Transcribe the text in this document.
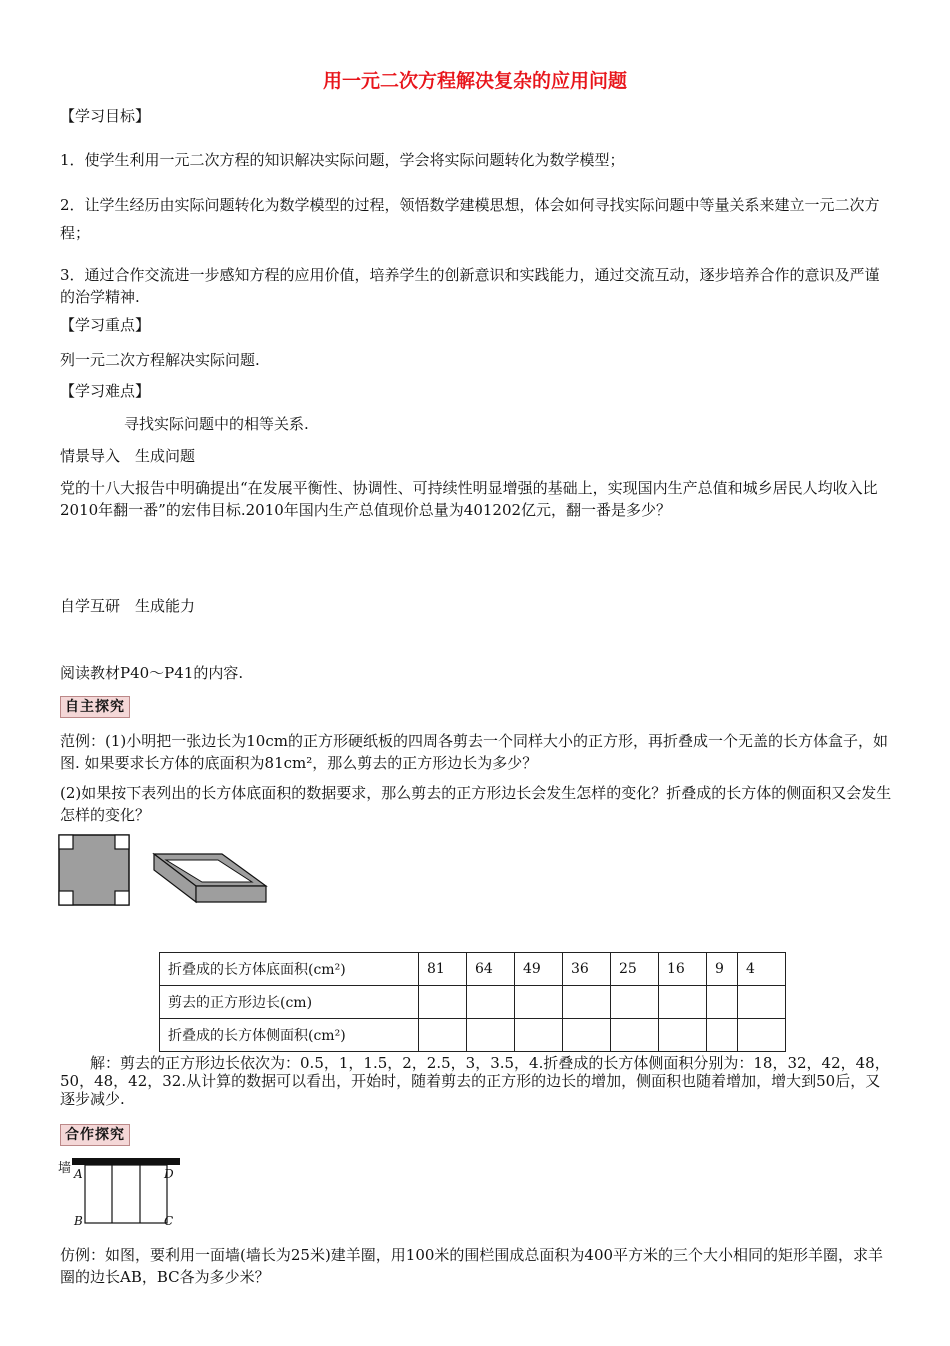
用一元二次方程解决复杂的应用问题
【学习目标】
1．使学生利用一元二次方程的知识解决实际问题，学会将实际问题转化为数学模型；
2．让学生经历由实际问题转化为数学模型的过程，领悟数学建模思想，体会如何寻找实际问题中等量关系来建立一元二次方程；
3．通过合作交流进一步感知方程的应用价值，培养学生的创新意识和实践能力，通过交流互动，逐步培养合作的意识及严谨的治学精神.
【学习重点】
列一元二次方程解决实际问题.
【学习难点】
寻找实际问题中的相等关系.
情景导入　生成问题
党的十八大报告中明确提出“在发展平衡性、协调性、可持续性明显增强的基础上，实现国内生产总值和城乡居民人均收入比2010年翻一番”的宏伟目标.2010年国内生产总值现价总量为401202亿元，翻一番是多少？
自学互研　生成能力
阅读教材P40～P41的内容.
自主探究
范例：(1)小明把一张边长为10cm的正方形硬纸板的四周各剪去一个同样大小的正方形，再折叠成一个无盖的长方体盒子，如图. 如果要求长方体的底面积为81cm²，那么剪去的正方形边长为多少？
(2)如果按下表列出的长方体底面积的数据要求，那么剪去的正方形边长会发生怎样的变化？折叠成的长方体的侧面积又会发生怎样的变化？
折叠成的长方体底面积(cm²)	81	64	49	36	25	16	9	4
剪去的正方形边长(cm)								
折叠成的长方体侧面积(cm²)								
解：剪去的正方形边长依次为：0.5，1，1.5，2，2.5，3，3.5，4.折叠成的长方体侧面积分别为：18，32，42，48，50，48，42，32.从计算的数据可以看出，开始时，随着剪去的正方形的边长的增加，侧面积也随着增加，增大到50后，又逐步减少.
合作探究
墙 A	D
B	C
仿例：如图，要利用一面墙(墙长为25米)建羊圈，用100米的围栏围成总面积为400平方米的三个大小相同的矩形羊圈，求羊圈的边长AB，BC各为多少米？
